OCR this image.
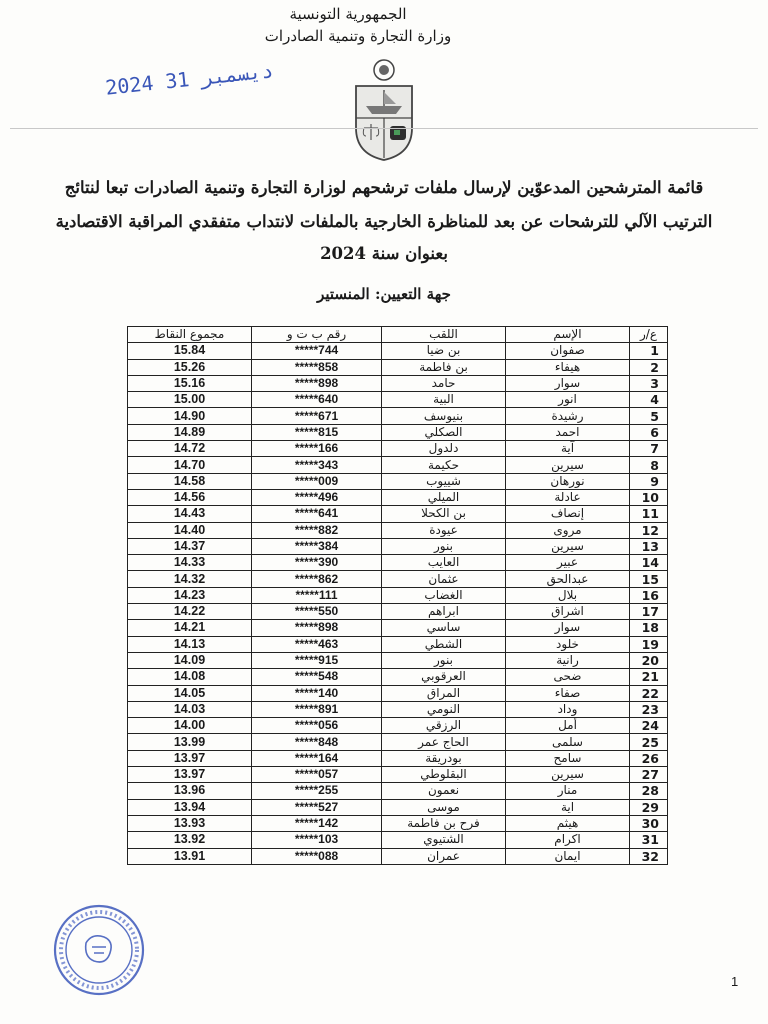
الجمهورية التونسية
وزارة التجارة وتنمية الصادرات
2024 ديسمبر 31
قائمة المترشحين المدعوّين لإرسال ملفات ترشحهم لوزارة التجارة وتنمية الصادرات تبعا لنتائج
الترتيب الآلي للترشحات عن بعد للمناظرة الخارجية بالملفات لانتداب متفقدي المراقبة الاقتصادية
بعنوان سنة 2024
جهة التعيين: المنستير
ع/ر	الإسم	اللقب	رقم ب ت و	مجموع النقاط
1	صفوان	بن ضيا	*****744	15.84
2	هيفاء	بن فاطمة	*****858	15.26
3	سوار	حامد	*****898	15.16
4	انور	البية	*****640	15.00
5	رشيدة	بنيوسف	*****671	14.90
6	احمد	الصكلي	*****815	14.89
7	آية	دلدول	*****166	14.72
8	سيرين	حكيمة	*****343	14.70
9	نورهان	شييوب	*****009	14.58
10	عادلة	الميلي	*****496	14.56
11	إنصاف	بن الكحلا	*****641	14.43
12	مروى	عيودة	*****882	14.40
13	سيرين	بنور	*****384	14.37
14	عبير	العايب	*****390	14.33
15	عبدالحق	عثمان	*****862	14.32
16	بلال	الغضاب	*****111	14.23
17	اشراق	ابراهم	*****550	14.22
18	سوار	ساسي	*****898	14.21
19	خلود	الشطي	*****463	14.13
20	رانية	بنور	*****915	14.09
21	ضحى	العرقوبي	*****548	14.08
22	صفاء	المراق	*****140	14.05
23	وداد	النومي	*****891	14.03
24	أمل	الرزقي	*****056	14.00
25	سلمى	الحاج عمر	*****848	13.99
26	سامح	بودريقة	*****164	13.97
27	سيرين	البقلوطي	*****057	13.97
28	منار	نعمون	*****255	13.96
29	اية	موسى	*****527	13.94
30	هيثم	فرح بن فاطمة	*****142	13.93
31	اكرام	الشتيوي	*****103	13.92
32	ايمان	عمران	*****088	13.91
1
